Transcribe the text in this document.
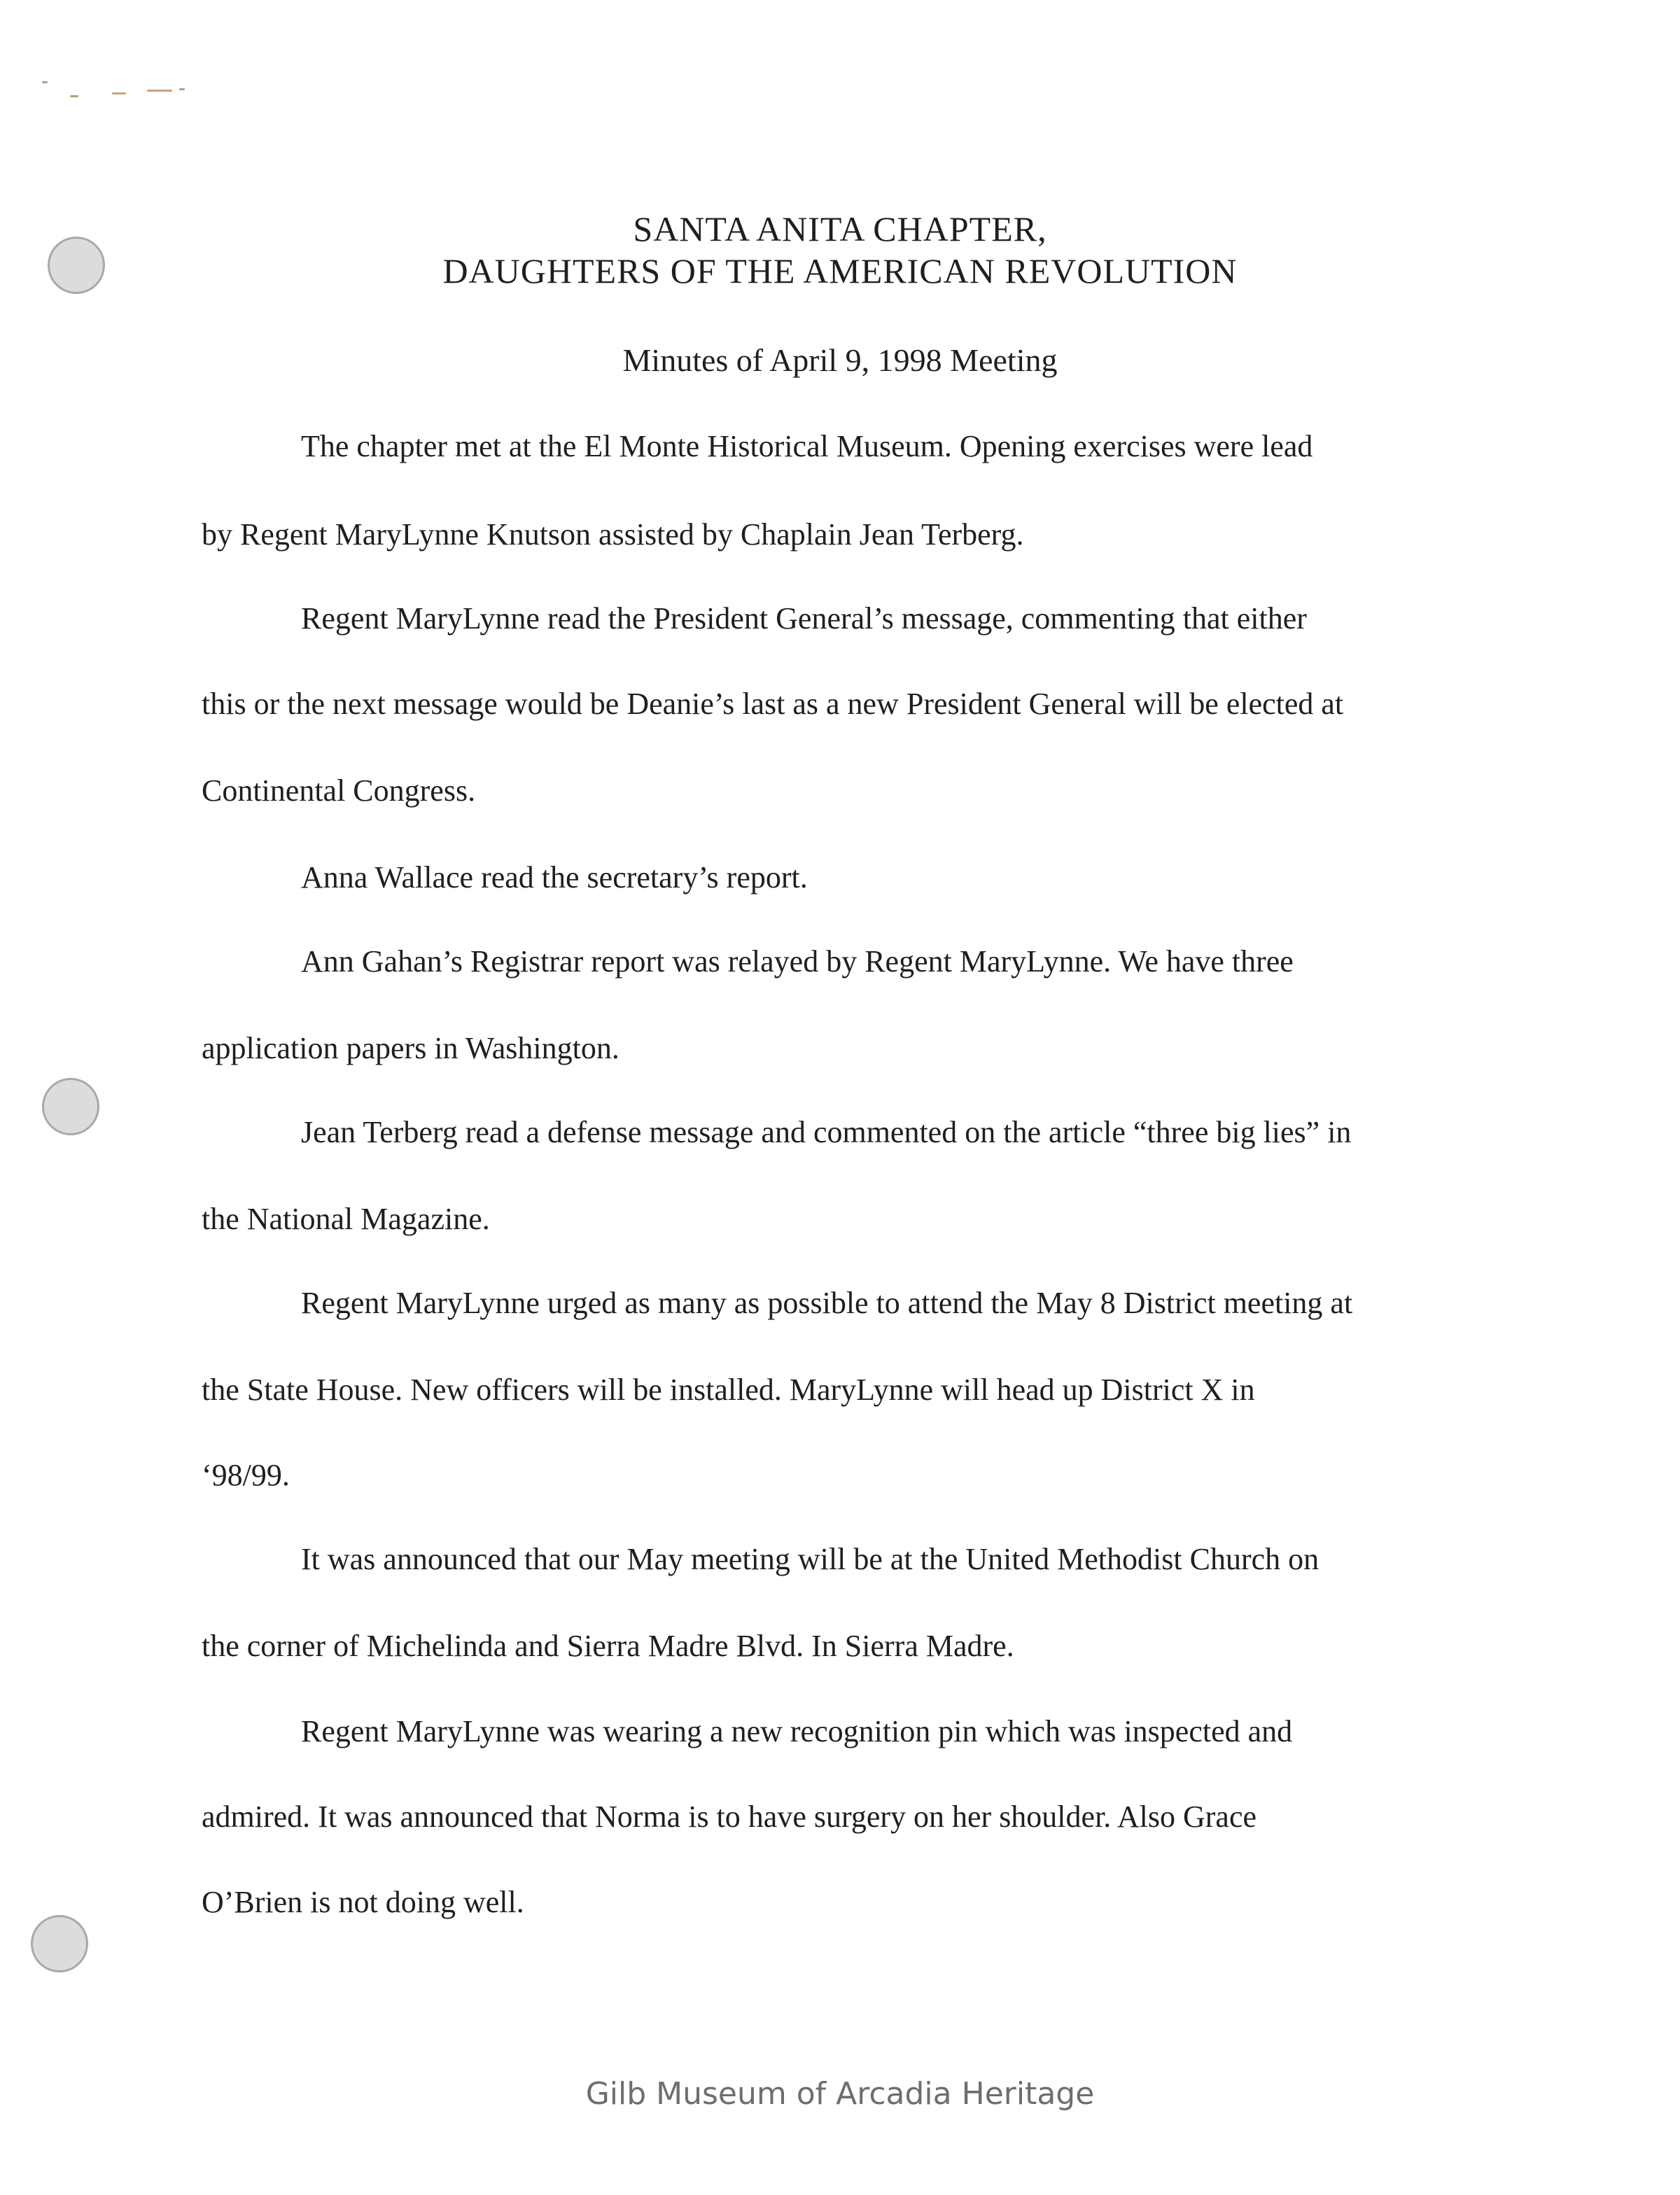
SANTA ANITA CHAPTER,
DAUGHTERS OF THE AMERICAN REVOLUTION
Minutes of April 9, 1998 Meeting
The chapter met at the El Monte Historical Museum. Opening exercises were lead
by Regent MaryLynne Knutson assisted by Chaplain Jean Terberg.
Regent MaryLynne read the President General’s message, commenting that either
this or the next message would be Deanie’s last as a new President General will be elected at
Continental Congress.
Anna Wallace read the secretary’s report.
Ann Gahan’s Registrar report was relayed by Regent MaryLynne. We have three
application papers in Washington.
Jean Terberg read a defense message and commented on the article “three big lies” in
the National Magazine.
Regent MaryLynne urged as many as possible to attend the May 8 District meeting at
the State House. New officers will be installed. MaryLynne will head up District X in
‘98/99.
It was announced that our May meeting will be at the United Methodist Church on
the corner of Michelinda and Sierra Madre Blvd. In Sierra Madre.
Regent MaryLynne was wearing a new recognition pin which was inspected and
admired. It was announced that Norma is to have surgery on her shoulder. Also Grace
O’Brien is not doing well.
Gilb Museum of Arcadia Heritage
